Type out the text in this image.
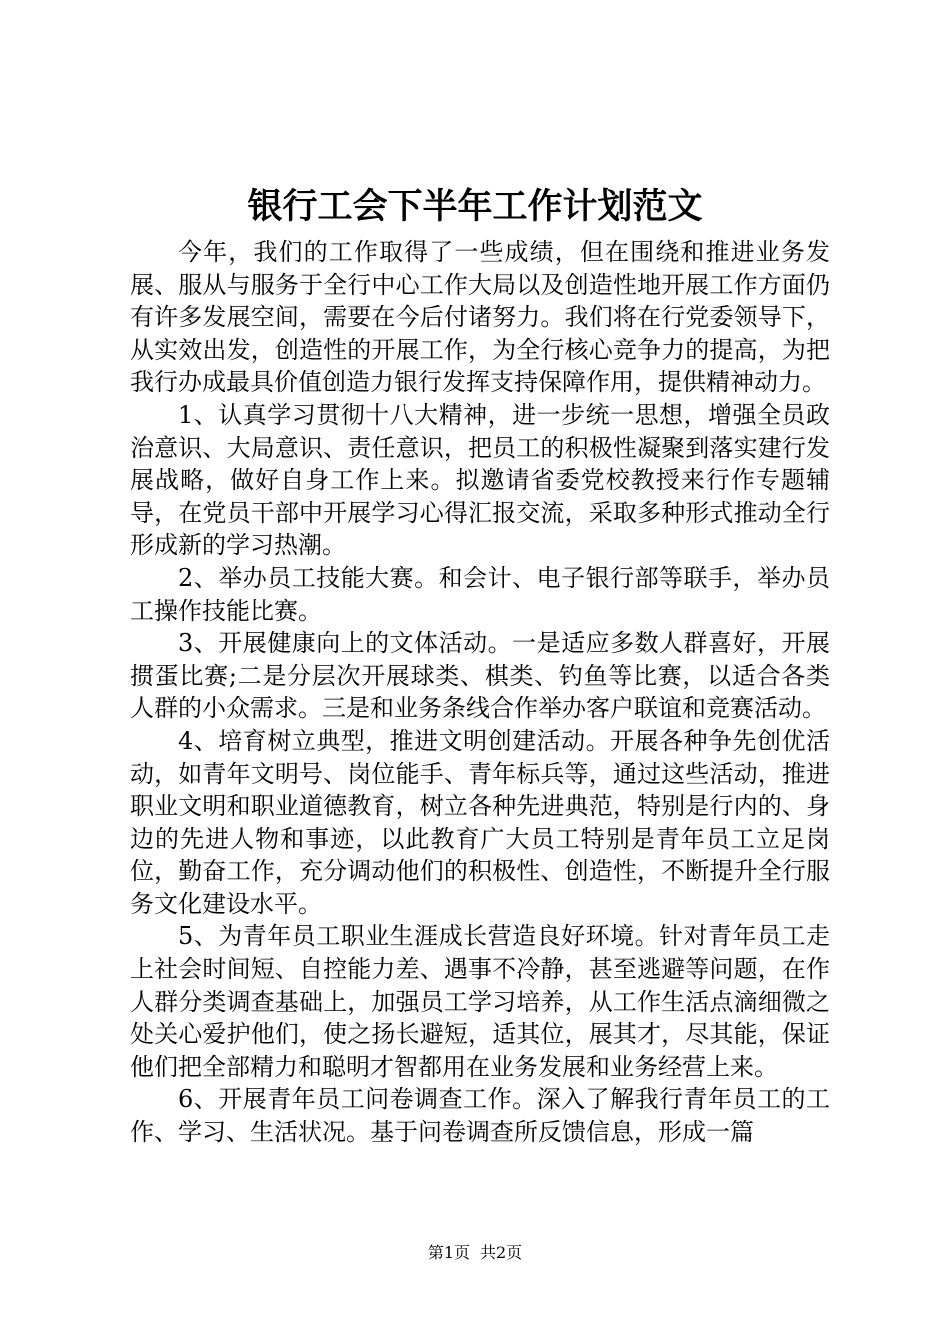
银行工会下半年工作计划范文

今年，我们的工作取得了一些成绩，但在围绕和推进业务发展、服从与服务于全行中心工作大局以及创造性地开展工作方面仍有许多发展空间，需要在今后付诸努力。我们将在行党委领导下，从实效出发，创造性的开展工作，为全行核心竞争力的提高，为把我行办成最具价值创造力银行发挥支持保障作用，提供精神动力。

1、认真学习贯彻十八大精神，进一步统一思想，增强全员政治意识、大局意识、责任意识，把员工的积极性凝聚到落实建行发展战略，做好自身工作上来。拟邀请省委党校教授来行作专题辅导，在党员干部中开展学习心得汇报交流，采取多种形式推动全行形成新的学习热潮。

2、举办员工技能大赛。和会计、电子银行部等联手，举办员工操作技能比赛。

3、开展健康向上的文体活动。一是适应多数人群喜好，开展掼蛋比赛;二是分层次开展球类、棋类、钓鱼等比赛，以适合各类人群的小众需求。三是和业务条线合作举办客户联谊和竞赛活动。

4、培育树立典型，推进文明创建活动。开展各种争先创优活动，如青年文明号、岗位能手、青年标兵等，通过这些活动，推进职业文明和职业道德教育，树立各种先进典范，特别是行内的、身边的先进人物和事迹，以此教育广大员工特别是青年员工立足岗位，勤奋工作，充分调动他们的积极性、创造性，不断提升全行服务文化建设水平。

5、为青年员工职业生涯成长营造良好环境。针对青年员工走上社会时间短、自控能力差、遇事不冷静，甚至逃避等问题，在作人群分类调查基础上，加强员工学习培养，从工作生活点滴细微之处关心爱护他们，使之扬长避短，适其位，展其才，尽其能，保证他们把全部精力和聪明才智都用在业务发展和业务经营上来。

6、开展青年员工问卷调查工作。深入了解我行青年员工的工作、学习、生活状况。基于问卷调查所反馈信息，形成一篇

第1页 共2页
